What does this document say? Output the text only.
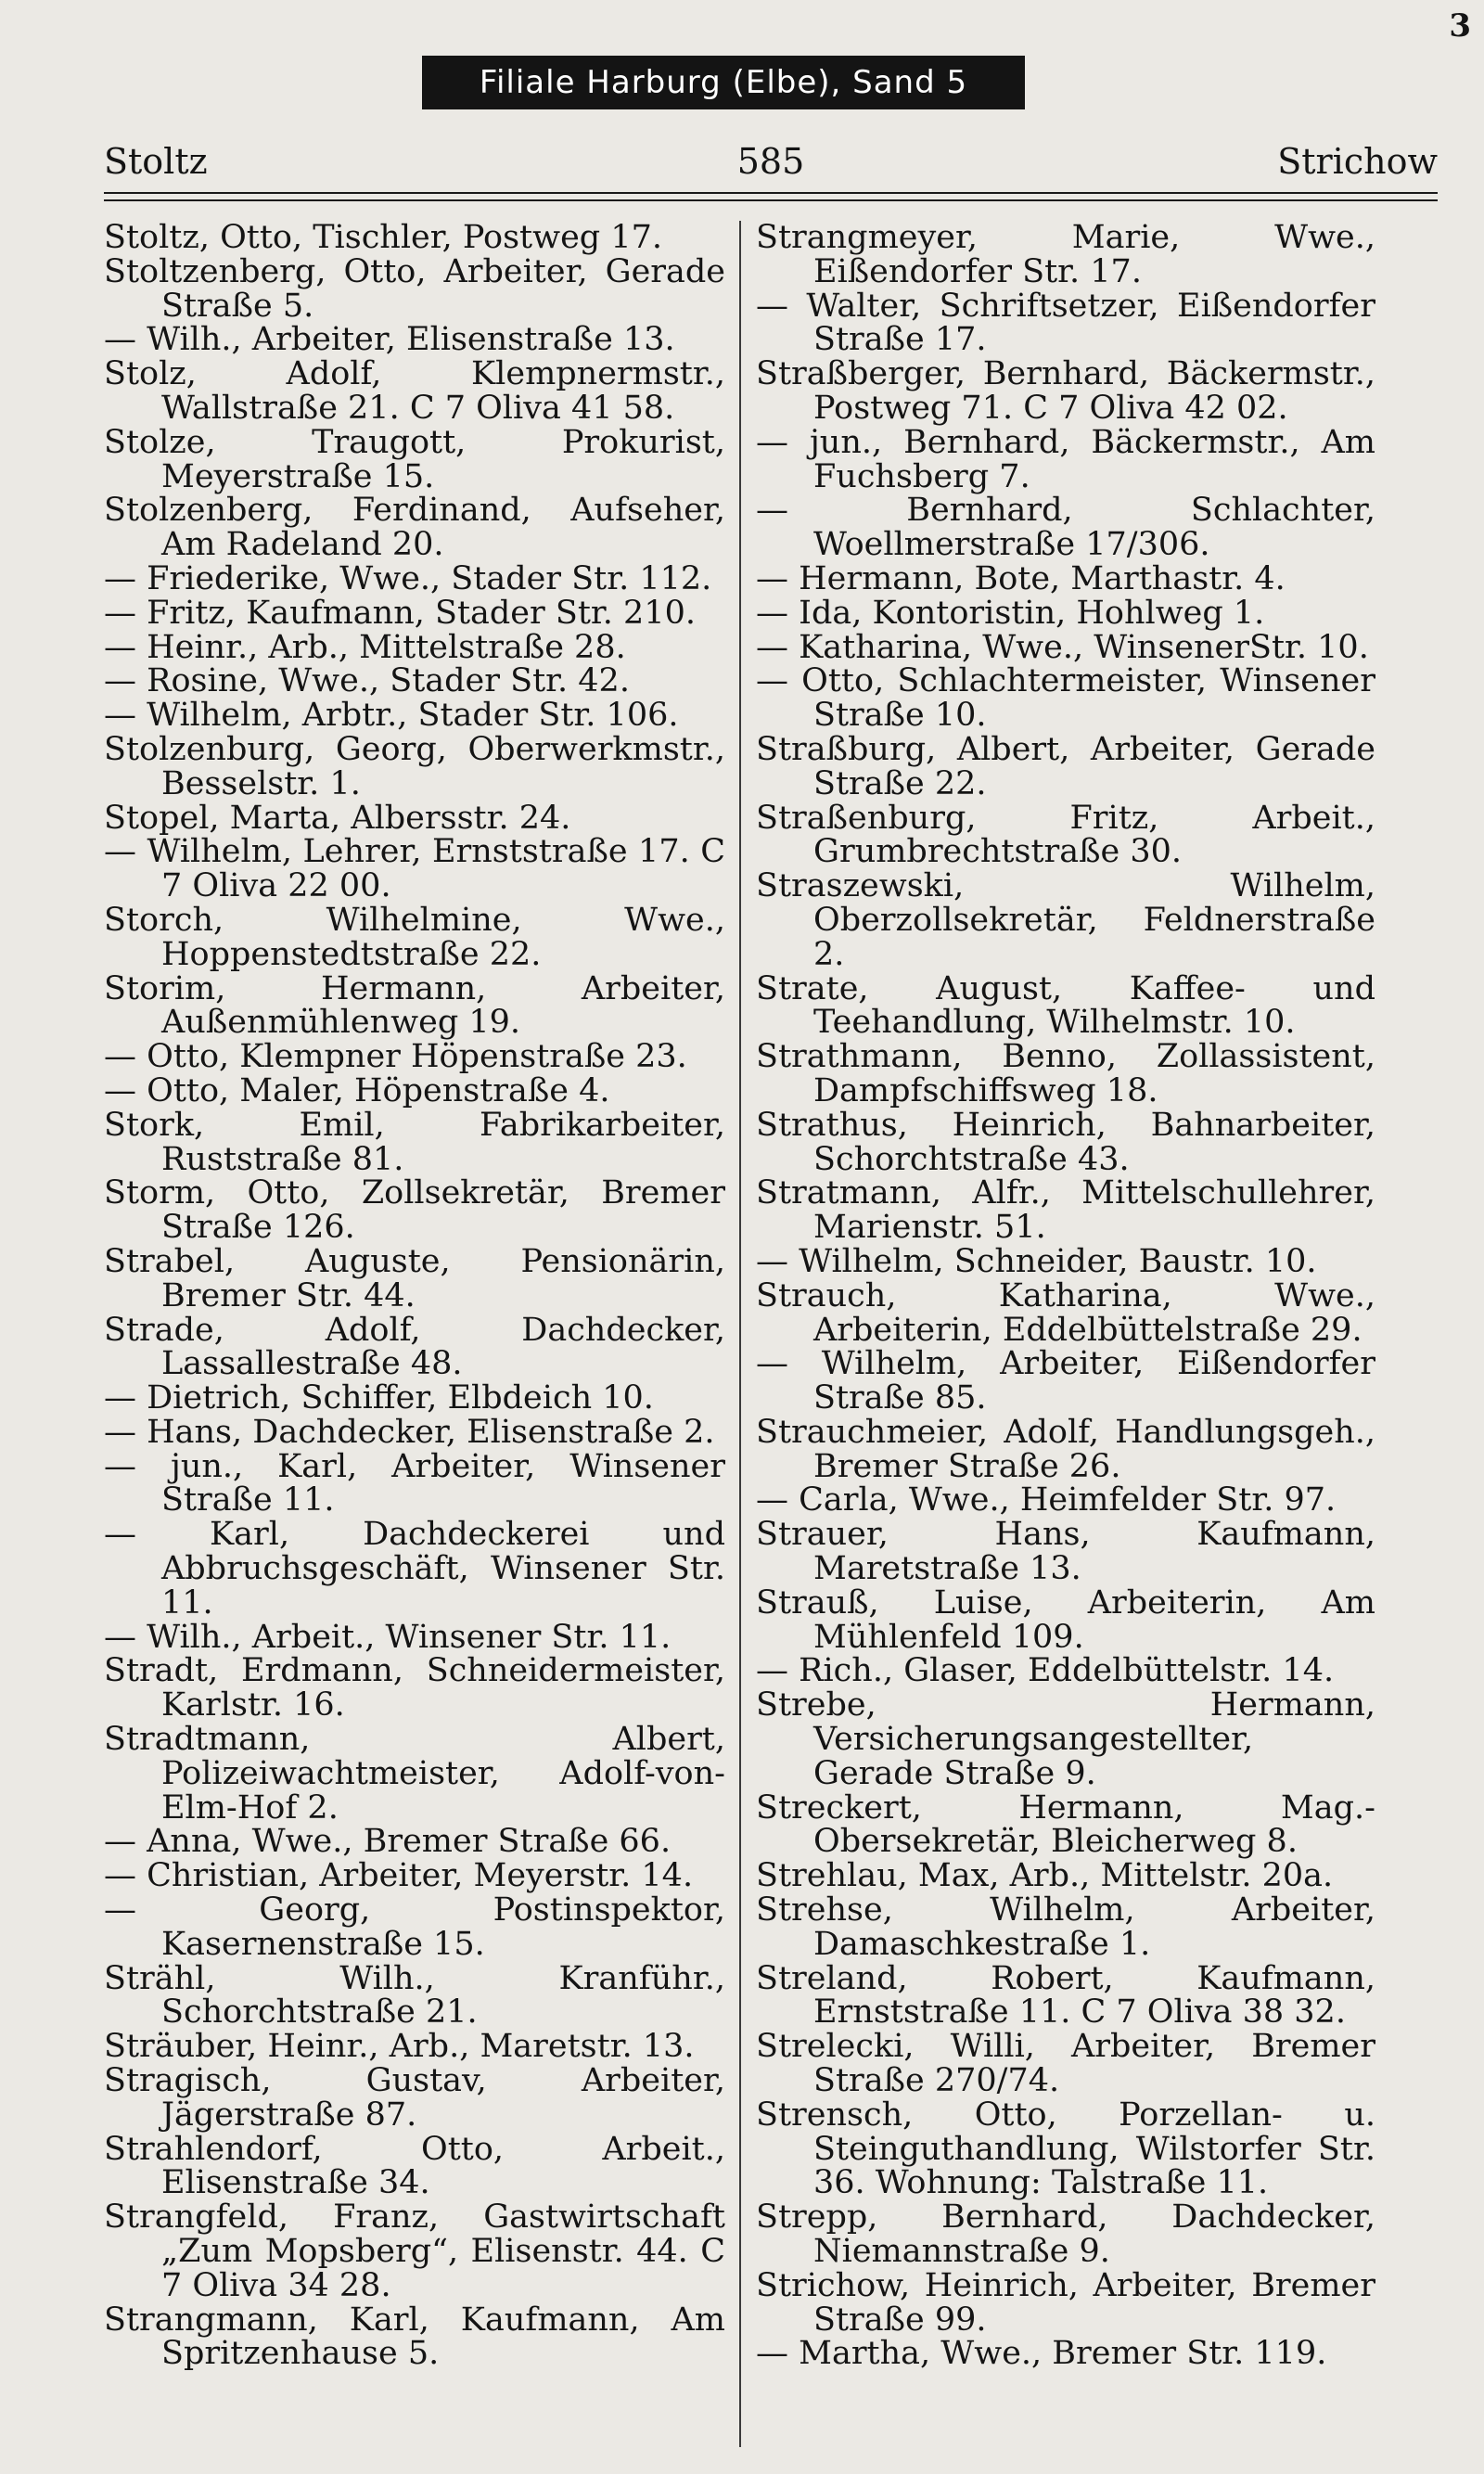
3
Filiale Harburg (Elbe), Sand 5
Stoltz	585	Strichow
Stoltz, Otto, Tischler, Postweg 17.
Stoltzenberg, Otto, Arbeiter, Gerade Straße 5.
— Wilh., Arbeiter, Elisenstraße 13.
Stolz, Adolf, Klempnermstr., Wallstraße 21. C 7 Oliva 41 58.
Stolze, Traugott, Prokurist, Meyerstraße 15.
Stolzenberg, Ferdinand, Aufseher, Am Radeland 20.
— Friederike, Wwe., Stader Str. 112.
— Fritz, Kaufmann, Stader Str. 210.
— Heinr., Arb., Mittelstraße 28.
— Rosine, Wwe., Stader Str. 42.
— Wilhelm, Arbtr., Stader Str. 106.
Stolzenburg, Georg, Oberwerkmstr., Besselstr. 1.
Stopel, Marta, Albersstr. 24.
— Wilhelm, Lehrer, Ernststraße 17. C 7 Oliva 22 00.
Storch, Wilhelmine, Wwe., Hoppenstedtstraße 22.
Storim, Hermann, Arbeiter, Außenmühlenweg 19.
— Otto, Klempner Höpenstraße 23.
— Otto, Maler, Höpenstraße 4.
Stork, Emil, Fabrikarbeiter, Ruststraße 81.
Storm, Otto, Zollsekretär, Bremer Straße 126.
Strabel, Auguste, Pensionärin, Bremer Str. 44.
Strade, Adolf, Dachdecker, Lassallestraße 48.
— Dietrich, Schiffer, Elbdeich 10.
— Hans, Dachdecker, Elisenstraße 2.
— jun., Karl, Arbeiter, Winsener Straße 11.
— Karl, Dachdeckerei und Abbruchsgeschäft, Winsener Str. 11.
— Wilh., Arbeit., Winsener Str. 11.
Stradt, Erdmann, Schneidermeister, Karlstr. 16.
Stradtmann, Albert, Polizeiwachtmeister, Adolf-von-Elm-Hof 2.
— Anna, Wwe., Bremer Straße 66.
— Christian, Arbeiter, Meyerstr. 14.
— Georg, Postinspektor, Kasernenstraße 15.
Strähl, Wilh., Kranführ., Schorchtstraße 21.
Sträuber, Heinr., Arb., Maretstr. 13.
Stragisch, Gustav, Arbeiter, Jägerstraße 87.
Strahlendorf, Otto, Arbeit., Elisenstraße 34.
Strangfeld, Franz, Gastwirtschaft „Zum Mopsberg“, Elisenstr. 44. C 7 Oliva 34 28.
Strangmann, Karl, Kaufmann, Am Spritzenhause 5.
Strangmeyer, Marie, Wwe., Eißendorfer Str. 17.
— Walter, Schriftsetzer, Eißendorfer Straße 17.
Straßberger, Bernhard, Bäckermstr., Postweg 71. C 7 Oliva 42 02.
— jun., Bernhard, Bäckermstr., Am Fuchsberg 7.
— Bernhard, Schlachter, Woellmerstraße 17/306.
— Hermann, Bote, Marthastr. 4.
— Ida, Kontoristin, Hohlweg 1.
— Katharina, Wwe., WinsenerStr. 10.
— Otto, Schlachtermeister, Winsener Straße 10.
Straßburg, Albert, Arbeiter, Gerade Straße 22.
Straßenburg, Fritz, Arbeit., Grumbrechtstraße 30.
Straszewski, Wilhelm, Oberzollsekretär, Feldnerstraße 2.
Strate, August, Kaffee- und Teehandlung, Wilhelmstr. 10.
Strathmann, Benno, Zollassistent, Dampfschiffsweg 18.
Strathus, Heinrich, Bahnarbeiter, Schorchtstraße 43.
Stratmann, Alfr., Mittelschullehrer, Marienstr. 51.
— Wilhelm, Schneider, Baustr. 10.
Strauch, Katharina, Wwe., Arbeiterin, Eddelbüttelstraße 29.
— Wilhelm, Arbeiter, Eißendorfer Straße 85.
Strauchmeier, Adolf, Handlungsgeh., Bremer Straße 26.
— Carla, Wwe., Heimfelder Str. 97.
Strauer, Hans, Kaufmann, Maretstraße 13.
Strauß, Luise, Arbeiterin, Am Mühlenfeld 109.
— Rich., Glaser, Eddelbüttelstr. 14.
Strebe, Hermann, Versicherungsangestellter, Gerade Straße 9.
Streckert, Hermann, Mag.-Obersekretär, Bleicherweg 8.
Strehlau, Max, Arb., Mittelstr. 20a.
Strehse, Wilhelm, Arbeiter, Damaschkestraße 1.
Streland, Robert, Kaufmann, Ernststraße 11. C 7 Oliva 38 32.
Strelecki, Willi, Arbeiter, Bremer Straße 270/74.
Strensch, Otto, Porzellan- u. Steinguthandlung, Wilstorfer Str. 36. Wohnung: Talstraße 11.
Strepp, Bernhard, Dachdecker, Niemannstraße 9.
Strichow, Heinrich, Arbeiter, Bremer Straße 99.
— Martha, Wwe., Bremer Str. 119.
